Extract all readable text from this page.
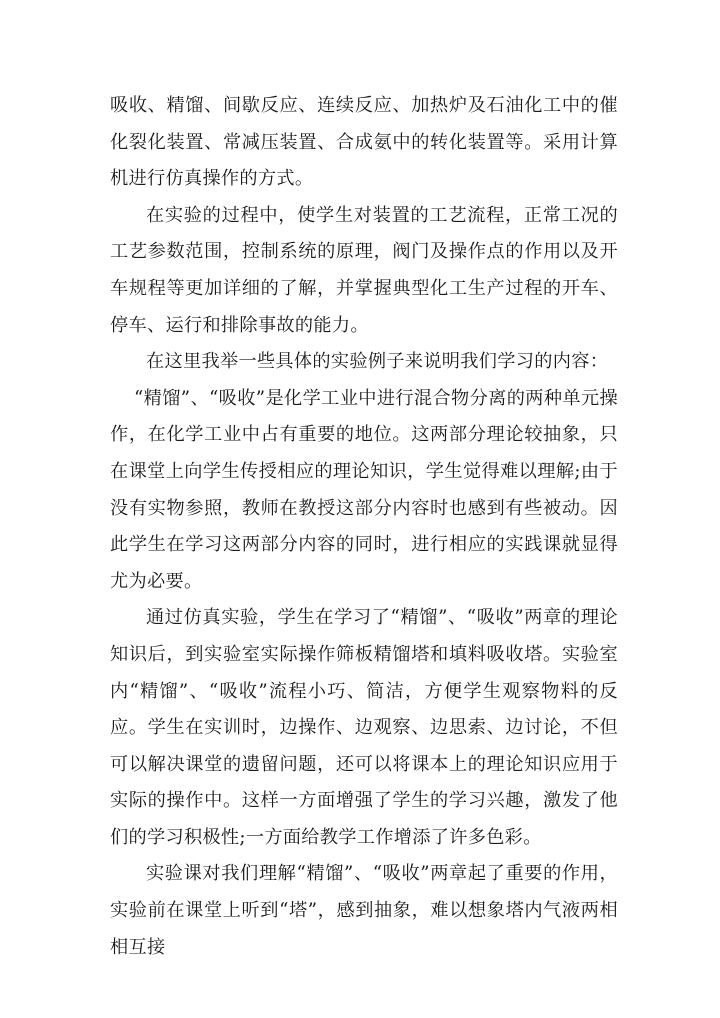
吸收、精馏、间歇反应、连续反应、加热炉及石油化工中的催化裂化装置、常减压装置、合成氨中的转化装置等。采用计算机进行仿真操作的方式。

在实验的过程中，使学生对装置的工艺流程，正常工况的工艺参数范围，控制系统的原理，阀门及操作点的作用以及开车规程等更加详细的了解，并掌握典型化工生产过程的开车、停车、运行和排除事故的能力。

在这里我举一些具体的实验例子来说明我们学习的内容：

“精馏”、“吸收”是化学工业中进行混合物分离的两种单元操作，在化学工业中占有重要的地位。这两部分理论较抽象，只在课堂上向学生传授相应的理论知识，学生觉得难以理解;由于没有实物参照，教师在教授这部分内容时也感到有些被动。因此学生在学习这两部分内容的同时，进行相应的实践课就显得尤为必要。

通过仿真实验，学生在学习了“精馏”、“吸收”两章的理论知识后，到实验室实际操作筛板精馏塔和填料吸收塔。实验室内“精馏”、“吸收”流程小巧、简洁，方便学生观察物料的反应。学生在实训时，边操作、边观察、边思索、边讨论，不但可以解决课堂的遗留问题，还可以将课本上的理论知识应用于实际的操作中。这样一方面增强了学生的学习兴趣，激发了他们的学习积极性;一方面给教学工作增添了许多色彩。

实验课对我们理解“精馏”、“吸收”两章起了重要的作用，实验前在课堂上听到“塔”，感到抽象，难以想象塔内气液两相相互接
